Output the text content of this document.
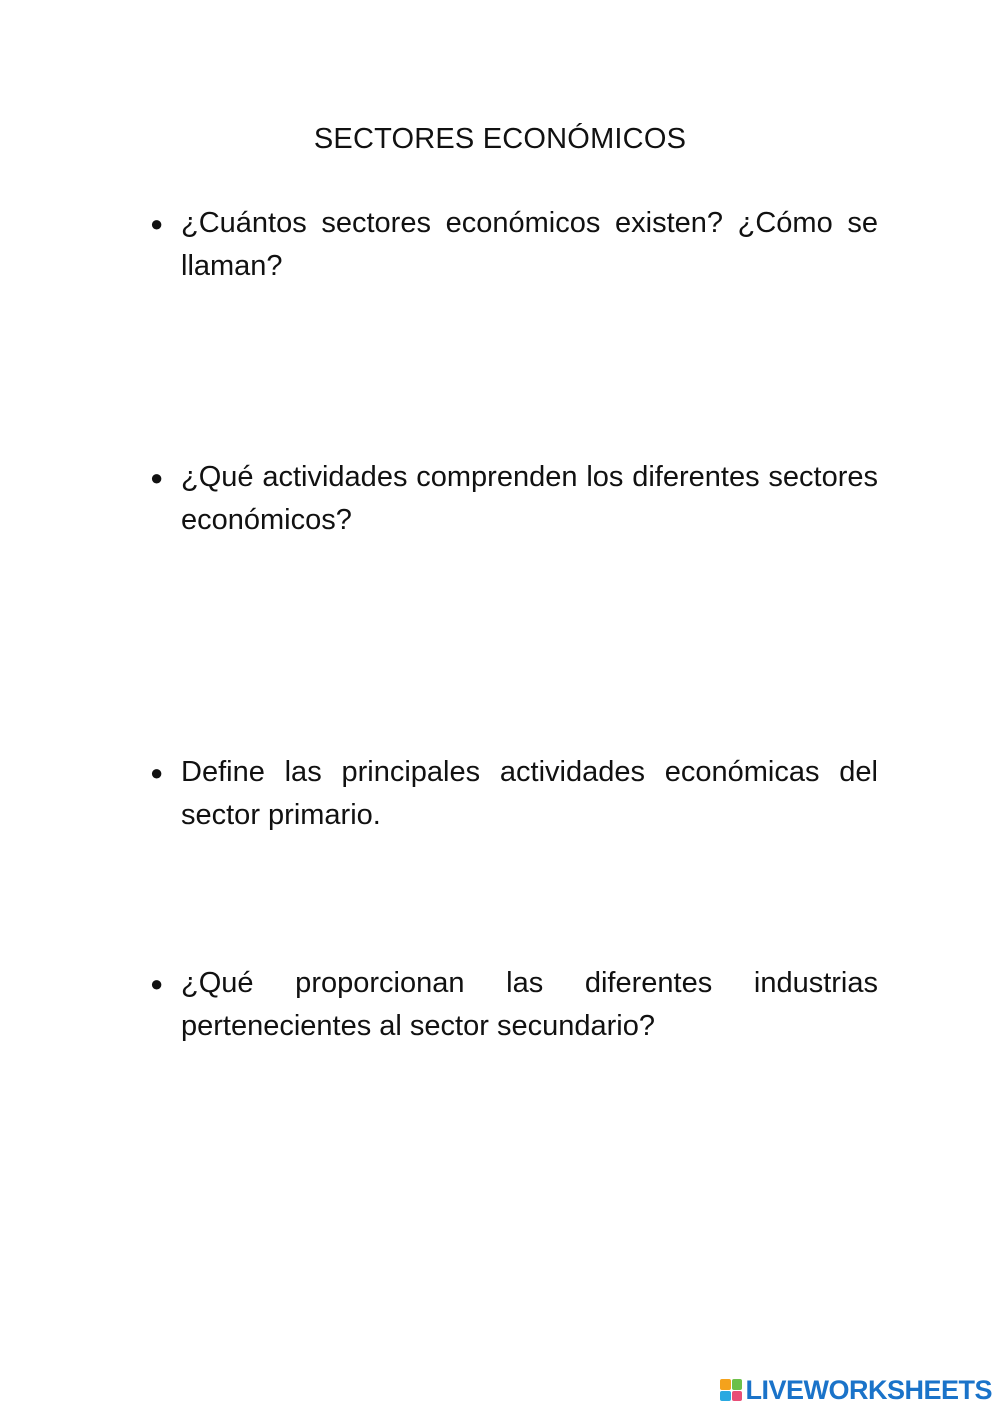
SECTORES ECONÓMICOS
● ¿Cuántos sectores económicos existen? ¿Cómo se llaman?
● ¿Qué actividades comprenden los diferentes sectores económicos?
● Define las principales actividades económicas del sector primario.
● ¿Qué proporcionan las diferentes industrias pertenecientes al sector secundario?
LIVEWORKSHEETS
